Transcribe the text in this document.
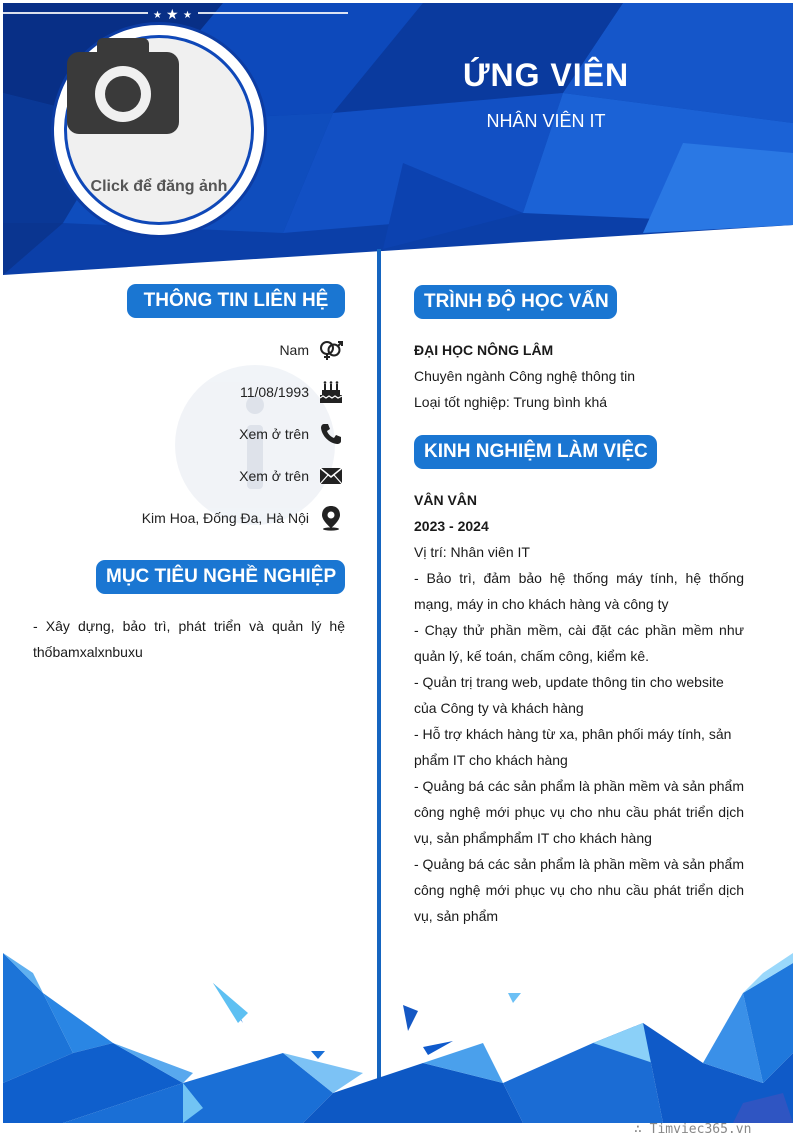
Click để đăng ảnh
ỨNG VIÊN
NHÂN VIÊN IT
★ ★ ★
THÔNG TIN LIÊN HỆ
Nam
11/08/1993
Xem ở trên
Xem ở trên
Kim Hoa, Đống Đa, Hà Nội
MỤC TIÊU NGHỀ NGHIỆP
- Xây dựng, bảo trì, phát triển và quản lý hệ thốbamxalxnbuxu
TRÌNH ĐỘ HỌC VẤN
ĐẠI HỌC NÔNG LÂM
Chuyên ngành Công nghệ thông tin
Loại tốt nghiệp: Trung bình khá
KINH NGHIỆM LÀM VIỆC
VÂN VÂN
2023 - 2024
Vị trí: Nhân viên IT
- Bảo trì, đảm bảo hệ thống máy tính, hệ thống mạng, máy in cho khách hàng và công ty
- Chạy thử phần mềm, cài đặt các phần mềm như quản lý, kế toán, chấm công, kiểm kê.
- Quản trị trang web, update thông tin cho website của Công ty và khách hàng
- Hỗ trợ khách hàng từ xa, phân phối máy tính, sản phẩm IT cho khách hàng
- Quảng bá các sản phẩm là phần mềm và sản phẩm công nghệ mới phục vụ cho nhu cầu phát triển dịch vụ, sản phẩmphẩm IT cho khách hàng
- Quảng bá các sản phẩm là phần mềm và sản phẩm công nghệ mới phục vụ cho nhu cầu phát triển dịch vụ, sản phẩm
∴ Timviec365.vn
